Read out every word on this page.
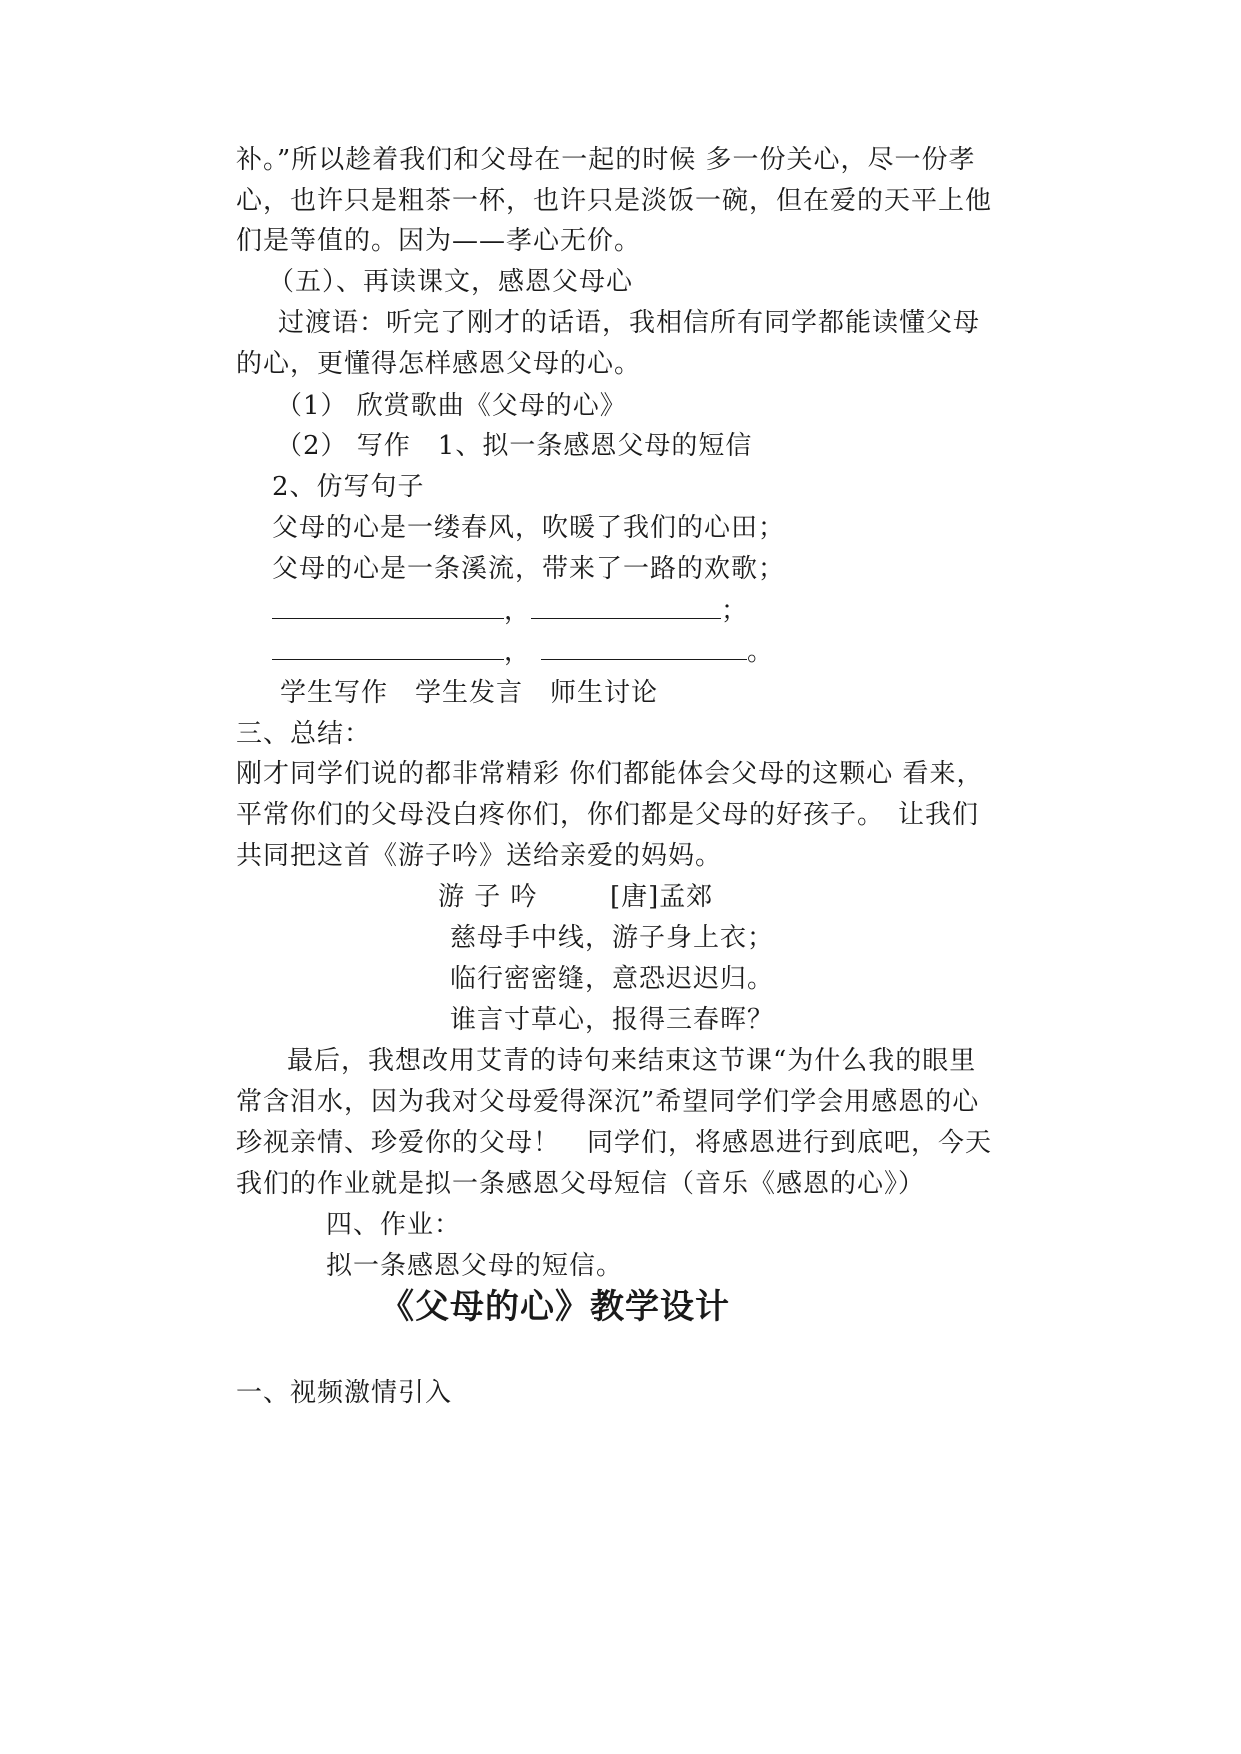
补。”所以趁着我们和父母在一起的时候 多一份关心，尽一份孝
心，也许只是粗茶一杯，也许只是淡饭一碗，但在爱的天平上他
们是等值的。因为——孝心无价。
（五）、再读课文，感恩父母心
过渡语：听完了刚才的话语，我相信所有同学都能读懂父母
的心，更懂得怎样感恩父母的心。
（1） 欣赏歌曲《父母的心》
（2） 写作　1、拟一条感恩父母的短信
2、仿写句子
父母的心是一缕春风，吹暖了我们的心田；
父母的心是一条溪流，带来了一路的欢歌；
，	；
，	。
学生写作　学生发言　师生讨论
三、总结：
刚才同学们说的都非常精彩 你们都能体会父母的这颗心 看来，
平常你们的父母没白疼你们，你们都是父母的好孩子。　让我们
共同把这首《游子吟》送给亲爱的妈妈。
游 子 吟	[唐]孟郊
慈母手中线，游子身上衣；
临行密密缝，意恐迟迟归。
谁言寸草心，报得三春晖？
最后，我想改用艾青的诗句来结束这节课“为什么我的眼里
常含泪水，因为我对父母爱得深沉”希望同学们学会用感恩的心
珍视亲情、珍爱你的父母！　同学们，将感恩进行到底吧，今天
我们的作业就是拟一条感恩父母短信（音乐《感恩的心》）
四、作业：
拟一条感恩父母的短信。
《父母的心》教学设计
一、视频激情引入
